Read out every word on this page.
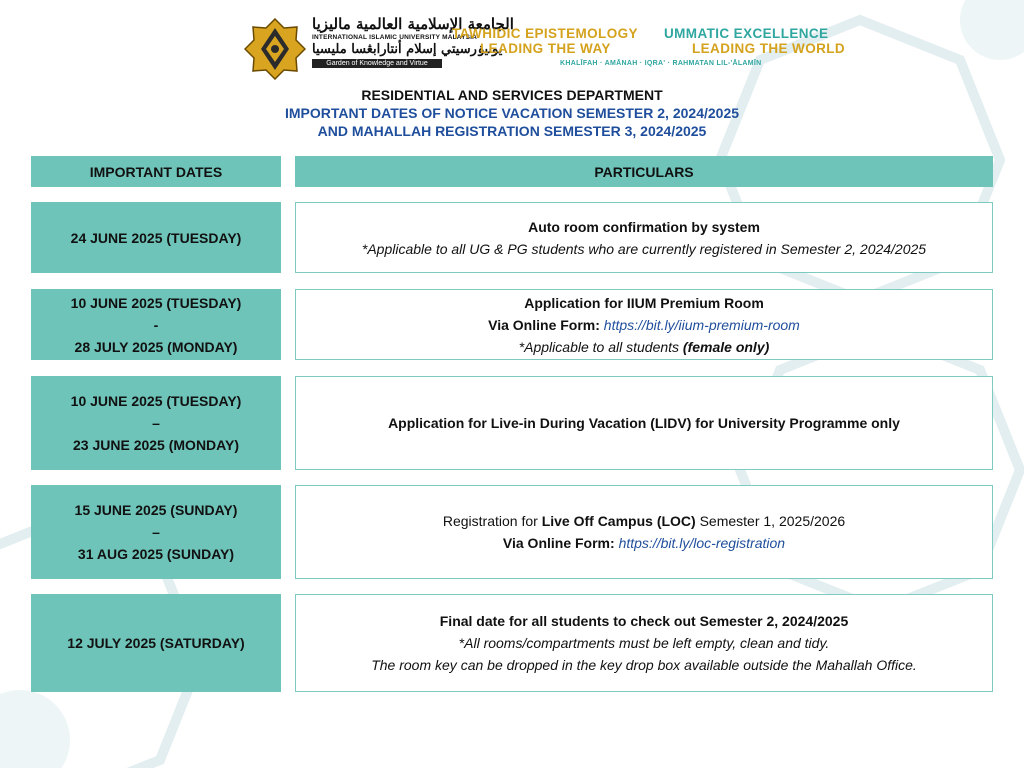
الجامعة الإسلامية العالمية ماليزيا
INTERNATIONAL ISLAMIC UNIVERSITY MALAYSIA
يونيۏرسيتي إسلام أنتارابڠسا مليسيا
Garden of Knowledge and Virtue
TAWHIDIC EPISTEMOLOGY
LEADING THE WAY
UMMATIC EXCELLENCE
LEADING THE WORLD
KHALĪFAH · AMĀNAH · IQRA' · RAHMATAN LIL-'ĀLAMĪN
RESIDENTIAL AND SERVICES DEPARTMENT
IMPORTANT DATES OF NOTICE VACATION SEMESTER 2, 2024/2025
AND MAHALLAH REGISTRATION SEMESTER 3, 2024/2025
IMPORTANT DATES	PARTICULARS
24 JUNE 2025 (TUESDAY)
Auto room confirmation by system
*Applicable to all UG & PG students who are currently registered in Semester 2, 2024/2025
10 JUNE 2025 (TUESDAY)
-
28 JULY 2025 (MONDAY)
Application for IIUM Premium Room
Via Online Form: https://bit.ly/iium-premium-room
*Applicable to all students (female only)
10 JUNE 2025 (TUESDAY)
–
23 JUNE 2025 (MONDAY)
Application for Live-in During Vacation (LIDV) for University Programme only
15 JUNE 2025 (SUNDAY)
–
31 AUG 2025 (SUNDAY)
Registration for Live Off Campus (LOC) Semester 1, 2025/2026
Via Online Form: https://bit.ly/loc-registration
12 JULY 2025 (SATURDAY)
Final date for all students to check out Semester 2, 2024/2025
*All rooms/compartments must be left empty, clean and tidy.
The room key can be dropped in the key drop box available outside the Mahallah Office.
